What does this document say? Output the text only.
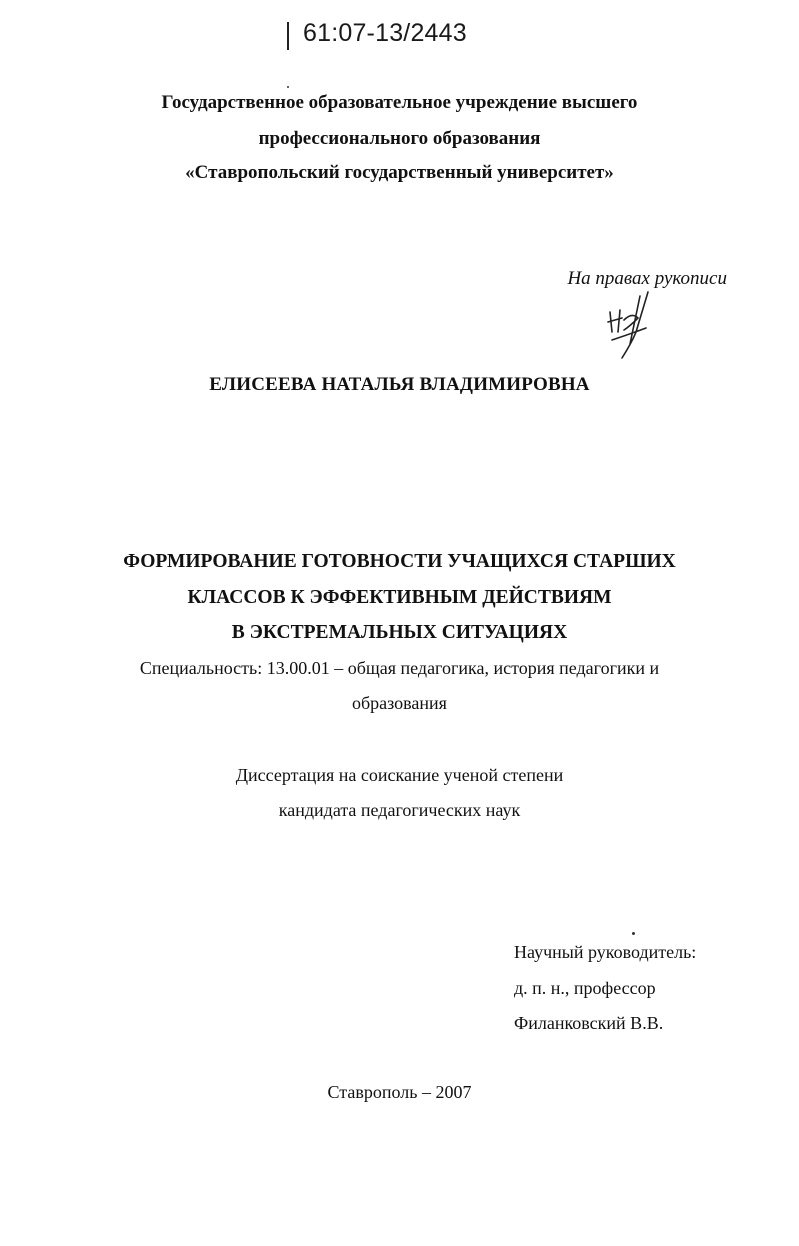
61:07-13/2443
Государственное образовательное учреждение высшего
профессионального образования
«Ставропольский государственный университет»
На правах рукописи
ЕЛИСЕЕВА НАТАЛЬЯ ВЛАДИМИРОВНА
ФОРМИРОВАНИЕ ГОТОВНОСТИ УЧАЩИХСЯ СТАРШИХ
КЛАССОВ К ЭФФЕКТИВНЫМ ДЕЙСТВИЯМ
В ЭКСТРЕМАЛЬНЫХ СИТУАЦИЯХ
Специальность: 13.00.01 – общая педагогика, история педагогики и
образования
Диссертация на соискание ученой степени
кандидата педагогических наук
Научный руководитель:
д. п. н., профессор
Филанковский В.В.
Ставрополь – 2007
